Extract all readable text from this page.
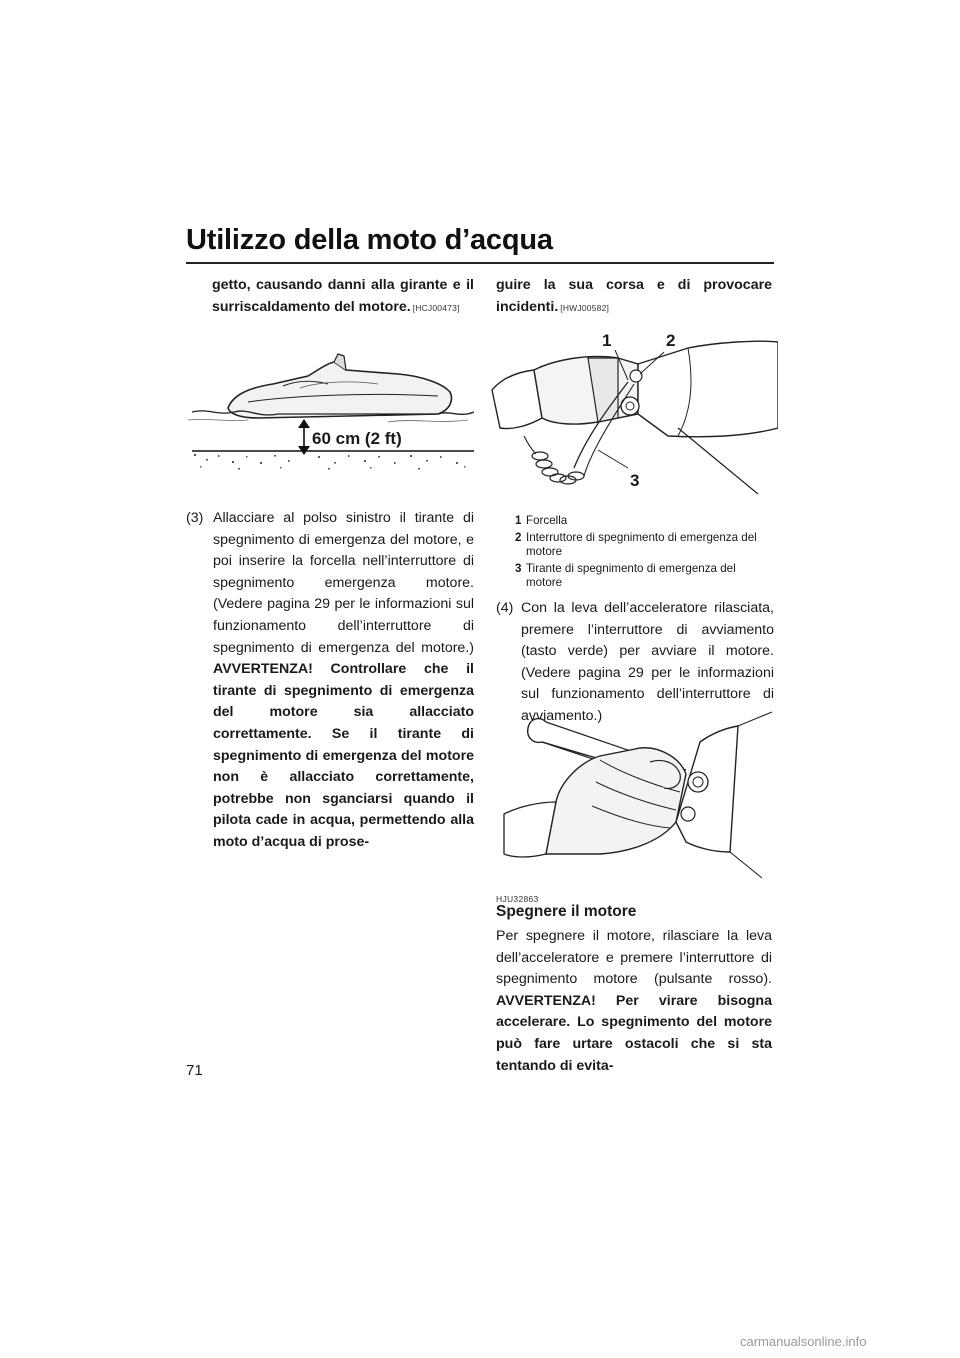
Utilizzo della moto d’acqua
getto, causando danni alla girante e il
surriscaldamento del motore. [HCJ00473]
60 cm (2 ft)
(3) Allacciare al polso sinistro il tirante di spegnimento di emergenza del motore, e poi inserire la forcella nell’interruttore di spegnimento emergenza motore. (Vedere pagina 29 per le informazioni sul funzionamento dell’interruttore di spegnimento di emergenza del motore.) AVVERTENZA! Controllare che il tirante di spegnimento di emergenza del motore sia allacciato correttamente. Se il tirante di spegnimento di emergenza del motore non è allacciato correttamente, potrebbe non sganciarsi quando il pilota cade in acqua, permettendo alla moto d’acqua di prose-
guire la sua corsa e di provocare
incidenti. [HWJ00582]
1	2
3
1 Forcella
2 Interruttore di spegnimento di emergenza del motore
3 Tirante di spegnimento di emergenza del motore
(4) Con la leva dell’acceleratore rilasciata, premere l’interruttore di avviamento (tasto verde) per avviare il motore. (Vedere pagina 29 per le informazioni sul funzionamento dell’interruttore di avviamento.)
HJU32863
Spegnere il motore
Per spegnere il motore, rilasciare la leva dell’acceleratore e premere l’interruttore di spegnimento motore (pulsante rosso). AVVERTENZA! Per virare bisogna accelerare. Lo spegnimento del motore può fare urtare ostacoli che si sta tentando di evita-
71
carmanualsonline.info
